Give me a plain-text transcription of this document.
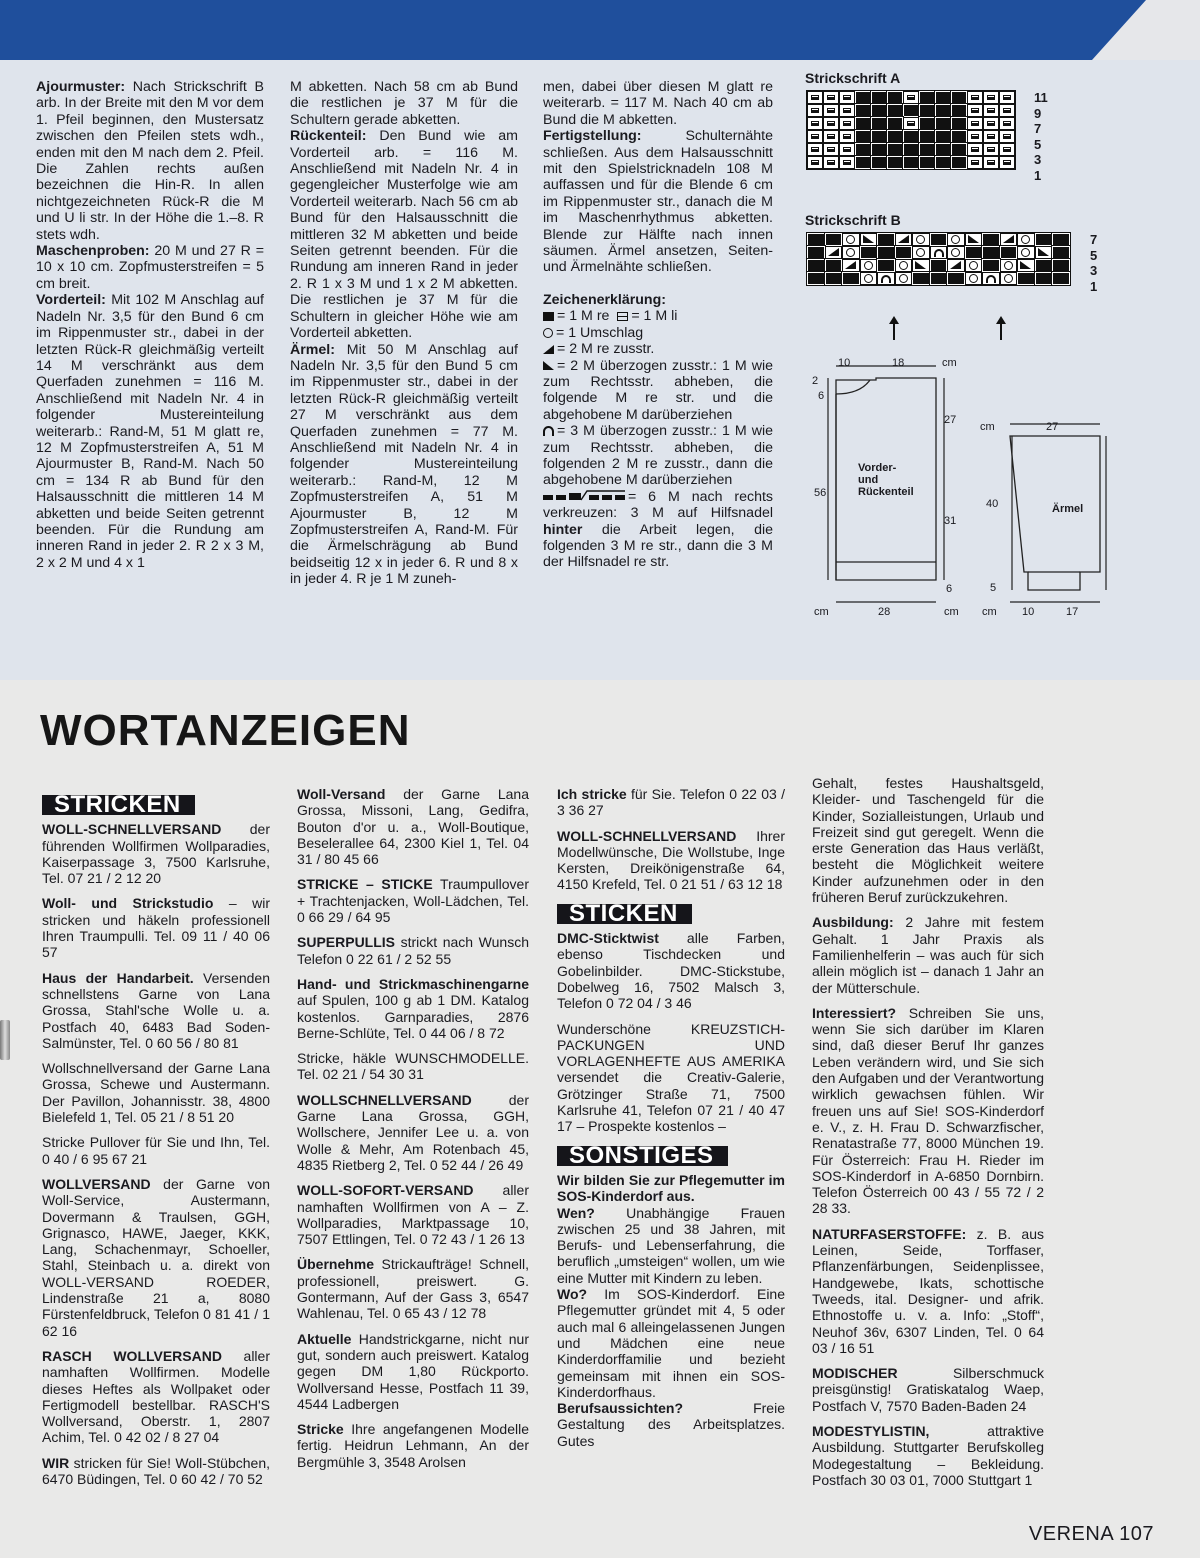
Ajourmuster: Nach Strickschrift B arb. In der Breite mit den M vor dem 1. Pfeil beginnen, den Mustersatz zwischen den Pfeilen stets wdh., enden mit den M nach dem 2. Pfeil. Die Zahlen rechts außen bezeichnen die Hin-R. In allen nichtgezeichneten Rück-R die M und U li str. In der Höhe die 1.–8. R stets wdh.

Maschenproben: 20 M und 27 R = 10 x 10 cm. Zopfmusterstreifen = 5 cm breit.

Vorderteil: Mit 102 M Anschlag auf Nadeln Nr. 3,5 für den Bund 6 cm im Rippenmuster str., dabei in der letzten Rück-R gleichmäßig verteilt 14 M verschränkt aus dem Querfaden zunehmen = 116 M. Anschließend mit Nadeln Nr. 4 in folgender Mustereinteilung weiterarb.: Rand-M, 51 M glatt re, 12 M Zopfmusterstreifen A, 51 M Ajourmuster B, Rand-M. Nach 50 cm = 134 R ab Bund für den Halsausschnitt die mittleren 14 M abketten und beide Seiten getrennt beenden. Für die Rundung am inneren Rand in jeder 2. R 2 x 3 M, 2 x 2 M und 4 x 1

M abketten. Nach 58 cm ab Bund die restlichen je 37 M für die Schultern gerade abketten.

Rückenteil: Den Bund wie am Vorderteil arb. = 116 M. Anschließend mit Nadeln Nr. 4 in gegengleicher Musterfolge wie am Vorderteil weiterarb. Nach 56 cm ab Bund für den Halsausschnitt die mittleren 32 M abketten und beide Seiten getrennt beenden. Für die Rundung am inneren Rand in jeder 2. R 1 x 3 M und 1 x 2 M abketten. Die restlichen je 37 M für die Schultern in gleicher Höhe wie am Vorderteil abketten.

Ärmel: Mit 50 M Anschlag auf Nadeln Nr. 3,5 für den Bund 5 cm im Rippenmuster str., dabei in der letzten Rück-R gleichmäßig verteilt 27 M verschränkt aus dem Querfaden zunehmen = 77 M. Anschließend mit Nadeln Nr. 4 in folgender Mustereinteilung weiterarb.: Rand-M, 12 M Zopfmusterstreifen A, 51 M Ajourmuster B, 12 M Zopfmusterstreifen A, Rand-M. Für die Ärmelschrägung ab Bund beidseitig 12 x in jeder 6. R und 8 x in jeder 4. R je 1 M zuneh-

men, dabei über diesen M glatt re weiterarb. = 117 M. Nach 40 cm ab Bund die M abketten.

Fertigstellung:	Schulternähte schließen. Aus dem Halsausschnitt mit den Spielstricknadeln 108 M auffassen und für die Blende 6 cm im Rippenmuster str., danach die M im Maschenrhythmus abketten. Blende zur Hälfte nach innen säumen. Ärmel ansetzen, Seiten- und Ärmelnähte schließen.

Zeichenerklärung:

= 1 M re = 1 M li

= 1 Umschlag

= 2 M re zusstr.

= 2 M überzogen zusstr.: 1 M wie zum Rechtsstr. abheben, die folgende M re str. und die abgehobene M darüberziehen

= 3 M überzogen zusstr.: 1 M wie zum Rechtsstr. abheben, die folgenden 2 M re zusstr., dann die abgehobene M darüberziehen

= 6 M nach rechts verkreuzen: 3 M auf Hilfsnadel hinter die Arbeit legen, die folgenden 3 M re str., dann die 3 M der Hilfsnadel re str.

Strickschrift A
11
9
7
5
3
1
Strickschrift B
7
5
3
1
10	18	cm
2
6
27
56
31
6
cm	28	cm
Vorder-
und
Rückenteil
cm	27
40	Ärmel
5
cm 10	17
WORTANZEIGEN
STRICKEN
WOLL-SCHNELLVERSAND der führenden Wollfirmen Wollparadies, Kaiserpassage 3, 7500 Karlsruhe, Tel. 07 21 / 2 12 20
Woll- und Strickstudio – wir stricken und häkeln professionell Ihren Traumpulli. Tel. 09 11 / 40 06 57
Haus der Handarbeit. Versenden schnellstens Garne von Lana Grossa, Stahl'sche Wolle u. a. Postfach 40, 6483 Bad Soden-Salmünster, Tel. 0 60 56 / 80 81
Wollschnellversand der Garne Lana Grossa, Schewe und Austermann. Der Pavillon, Johannisstr. 38, 4800 Bielefeld 1, Tel. 05 21 / 8 51 20
Stricke Pullover für Sie und Ihn, Tel. 0 40 / 6 95 67 21
WOLLVERSAND der Garne von Woll-Service, Austermann, Dovermann & Traulsen, GGH, Grignasco, HAWE, Jaeger, KKK, Lang, Schachenmayr, Schoeller, Stahl, Steinbach u. a. direkt von WOLL-VERSAND ROEDER, Lindenstraße 21 a, 8080 Fürstenfeldbruck, Telefon 0 81 41 / 1 62 16
RASCH WOLLVERSAND aller namhaften Wollfirmen. Modelle dieses Heftes als Wollpaket oder Fertigmodell bestellbar. RASCH'S Wollversand, Oberstr. 1, 2807 Achim, Tel. 0 42 02 / 8 27 04
WIR stricken für Sie! Woll-Stübchen, 6470 Büdingen, Tel. 0 60 42 / 70 52
Woll-Versand der Garne Lana Grossa, Missoni, Lang, Gedifra, Bouton d'or u. a., Woll-Boutique, Beselerallee 64, 2300 Kiel 1, Tel. 04 31 / 80 45 66
STRICKE – STICKE Traumpullover + Trachtenjacken, Woll-Lädchen, Tel. 0 66 29 / 64 95
SUPERPULLIS strickt nach Wunsch Telefon 0 22 61 / 2 52 55
Hand- und Strickmaschinengarne auf Spulen, 100 g ab 1 DM. Katalog kostenlos. Garnparadies, 2876 Berne-Schlüte, Tel. 0 44 06 / 8 72
Stricke, häkle WUNSCHMODELLE. Tel. 02 21 / 54 30 31
WOLLSCHNELLVERSAND der Garne Lana Grossa, GGH, Wollschere, Jennifer Lee u. a. von Wolle & Mehr, Am Rotenbach 45, 4835 Rietberg 2, Tel. 0 52 44 / 26 49
WOLL-SOFORT-VERSAND aller namhaften Wollfirmen von A – Z. Wollparadies, Marktpassage 10, 7507 Ettlingen, Tel. 0 72 43 / 1 26 13
Übernehme Strickaufträge! Schnell, professionell, preiswert. G. Gontermann, Auf der Gass 3, 6547 Wahlenau, Tel. 0 65 43 / 12 78
Aktuelle Handstrickgarne, nicht nur gut, sondern auch preiswert. Katalog gegen DM 1,80 Rückporto. Wollversand Hesse, Postfach 11 39, 4544 Ladbergen
Stricke Ihre angefangenen Modelle fertig. Heidrun Lehmann, An der Bergmühle 3, 3548 Arolsen
Ich stricke für Sie. Telefon 0 22 03 / 3 36 27
WOLL-SCHNELLVERSAND Ihrer Modellwünsche, Die Wollstube, Inge Kersten, Dreikönigenstraße 64, 4150 Krefeld, Tel. 0 21 51 / 63 12 18
STICKEN
DMC-Sticktwist alle Farben, ebenso Tischdecken und Gobelinbilder. DMC-Stickstube, Dobelweg 16, 7502 Malsch 3, Telefon 0 72 04 / 3 46
Wunderschöne KREUZSTICH-PACKUNGEN UND VORLAGENHEFTE AUS AMERIKA versendet die Creativ-Galerie, Grötzinger Straße 71, 7500 Karlsruhe 41, Telefon 07 21 / 40 47 17 – Prospekte kostenlos –
SONSTIGES

Wir bilden Sie zur Pflegemutter im SOS-Kinderdorf aus.

Wen? Unabhängige Frauen zwischen 25 und 38 Jahren, mit Berufs- und Lebenserfahrung, die beruflich „umsteigen“ wollen, um wie eine Mutter mit Kindern zu leben.

Wo? Im SOS-Kinderdorf. Eine Pflegemutter gründet mit 4, 5 oder auch mal 6 alleingelassenen Jungen und Mädchen eine neue Kinderdorffamilie und bezieht gemeinsam mit ihnen ein SOS-Kinderdorfhaus.

Berufsaussichten? Freie Gestaltung des Arbeitsplatzes. Gutes

Gehalt, festes Haushaltsgeld, Kleider- und Taschengeld für die Kinder, Sozialleistungen, Urlaub und Freizeit sind gut geregelt. Wenn die erste Generation das Haus verläßt, besteht die Möglichkeit weitere Kinder aufzunehmen oder in den früheren Beruf zurückzukehren.
Ausbildung: 2 Jahre mit festem Gehalt. 1 Jahr Praxis als Familienhelferin – was auch für sich allein möglich ist – danach 1 Jahr an der Mütterschule.
Interessiert? Schreiben Sie uns, wenn Sie sich darüber im Klaren sind, daß dieser Beruf Ihr ganzes Leben verändern wird, und Sie sich den Aufgaben und der Verantwortung wirklich gewachsen fühlen. Wir freuen uns auf Sie! SOS-Kinderdorf e. V., z. H. Frau D. Schwarzfischer, Renatastraße 77, 8000 München 19. Für Österreich: Frau H. Rieder im SOS-Kinderdorf in A-6850 Dornbirn. Telefon Österreich 00 43 / 55 72 / 2 28 33.
NATURFASERSTOFFE: z. B. aus Leinen, Seide, Torffaser, Pflanzenfärbungen, Seidenplissee, Handgewebe, Ikats, schottische Tweeds, ital. Designer- und afrik. Ethnostoffe u. v. a. Info: „Stoff“, Neuhof 36v, 6307 Linden, Tel. 0 64 03 / 16 51
MODISCHER Silberschmuck preisgünstig! Gratiskatalog Waep, Postfach V, 7570 Baden-Baden 24
MODESTYLISTIN, attraktive Ausbildung. Stuttgarter Berufskolleg Modegestaltung – Bekleidung. Postfach 30 03 01, 7000 Stuttgart 1
VERENA 107
